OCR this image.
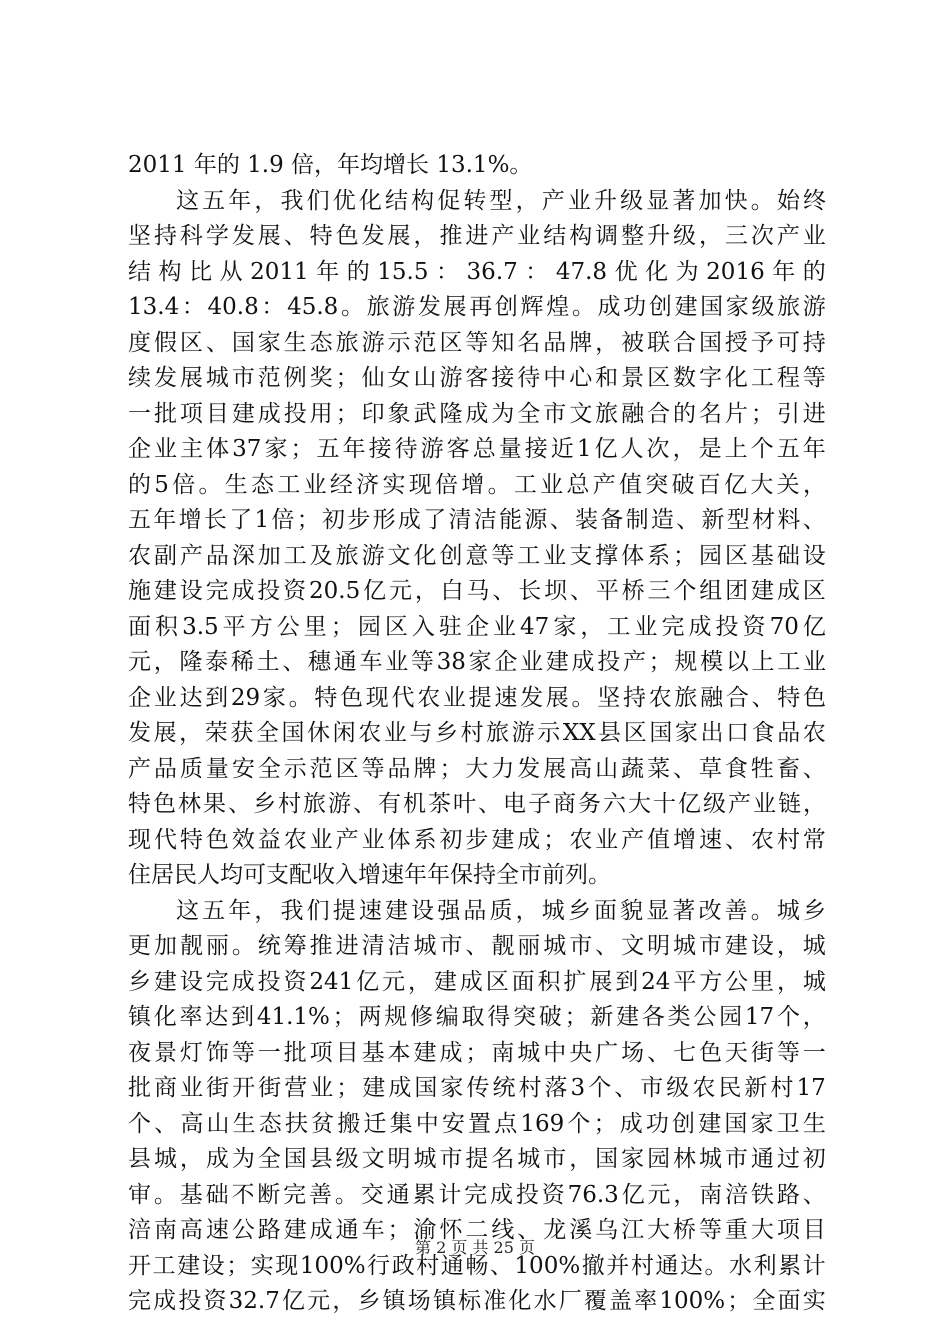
2011 年的 1.9 倍，年均增长 13.1%。
这 五 年 ， 我 们 优 化 结 构 促 转 型 ， 产 业 升 级 显 著 加 快 。 始 终
坚 持 科 学 发 展 、 特 色 发 展 ， 推 进 产 业 结 构 调 整 升 级 ， 三 次 产 业
结 构 比 从 2011 年 的 15.5 ： 36.7 ： 47.8 优 化 为 2016 年 的
13.4 ： 40.8 ： 45.8 。 旅 游 发 展 再 创 辉 煌 。 成 功 创 建 国 家 级 旅 游
度 假 区 、 国 家 生 态 旅 游 示 范 区 等 知 名 品 牌 ， 被 联 合 国 授 予 可 持
续 发 展 城 市 范 例 奖 ； 仙 女 山 游 客 接 待 中 心 和 景 区 数 字 化 工 程 等
一 批 项 目 建 成 投 用 ； 印 象 武 隆 成 为 全 市 文 旅 融 合 的 名 片 ； 引 进
企 业 主 体 37 家 ； 五 年 接 待 游 客 总 量 接 近 1 亿 人 次 ， 是 上 个 五 年
的 5 倍 。 生 态 工 业 经 济 实 现 倍 增 。 工 业 总 产 值 突 破 百 亿 大 关 ，
五 年 增 长 了 1 倍 ； 初 步 形 成 了 清 洁 能 源 、 装 备 制 造 、 新 型 材 料 、
农 副 产 品 深 加 工 及 旅 游 文 化 创 意 等 工 业 支 撑 体 系 ； 园 区 基 础 设
施 建 设 完 成 投 资 20.5 亿 元 ， 白 马 、 长 坝 、 平 桥 三 个 组 团 建 成 区
面 积 3.5 平 方 公 里 ； 园 区 入 驻 企 业 47 家 ， 工 业 完 成 投 资 70 亿
元 ， 隆 泰 稀 土 、 穗 通 车 业 等 38 家 企 业 建 成 投 产 ； 规 模 以 上 工 业
企 业 达 到 29 家 。 特 色 现 代 农 业 提 速 发 展 。 坚 持 农 旅 融 合 、 特 色
发 展 ， 荣 获 全 国 休 闲 农 业 与 乡 村 旅 游 示 XX 县 区 国 家 出 口 食 品 农
产 品 质 量 安 全 示 范 区 等 品 牌 ； 大 力 发 展 高 山 蔬 菜 、 草 食 牲 畜 、
特 色 林 果 、 乡 村 旅 游 、 有 机 茶 叶 、 电 子 商 务 六 大 十 亿 级 产 业 链 ，
现 代 特 色 效 益 农 业 产 业 体 系 初 步 建 成 ； 农 业 产 值 增 速 、 农 村 常
住居民人均可支配收入增速年年保持全市前列。
这 五 年 ， 我 们 提 速 建 设 强 品 质 ， 城 乡 面 貌 显 著 改 善 。 城 乡
更 加 靓 丽 。 统 筹 推 进 清 洁 城 市 、 靓 丽 城 市 、 文 明 城 市 建 设 ， 城
乡 建 设 完 成 投 资 241 亿 元 ， 建 成 区 面 积 扩 展 到 24 平 方 公 里 ， 城
镇 化 率 达 到 41.1% ； 两 规 修 编 取 得 突 破 ； 新 建 各 类 公 园 17 个 ，
夜 景 灯 饰 等 一 批 项 目 基 本 建 成 ； 南 城 中 央 广 场 、 七 色 天 街 等 一
批 商 业 街 开 街 营 业 ； 建 成 国 家 传 统 村 落 3 个 、 市 级 农 民 新 村 17
个 、 高 山 生 态 扶 贫 搬 迁 集 中 安 置 点 169 个 ； 成 功 创 建 国 家 卫 生
县 城 ， 成 为 全 国 县 级 文 明 城 市 提 名 城 市 ， 国 家 园 林 城 市 通 过 初
审 。 基 础 不 断 完 善 。 交 通 累 计 完 成 投 资 76.3 亿 元 ， 南 涪 铁 路 、
涪 南 高 速 公 路 建 成 通 车 ； 渝 怀 二 线 、 龙 溪 乌 江 大 桥 等 重 大 项 目
开 工 建 设 ； 实 现 100% 行 政 村 通 畅 、 100% 撤 并 村 通 达 。 水 利 累 计
完 成 投 资 32.7 亿 元 ， 乡 镇 场 镇 标 准 化 水 厂 覆 盖 率 100% ； 全 面 实
第 2 页 共 25 页
